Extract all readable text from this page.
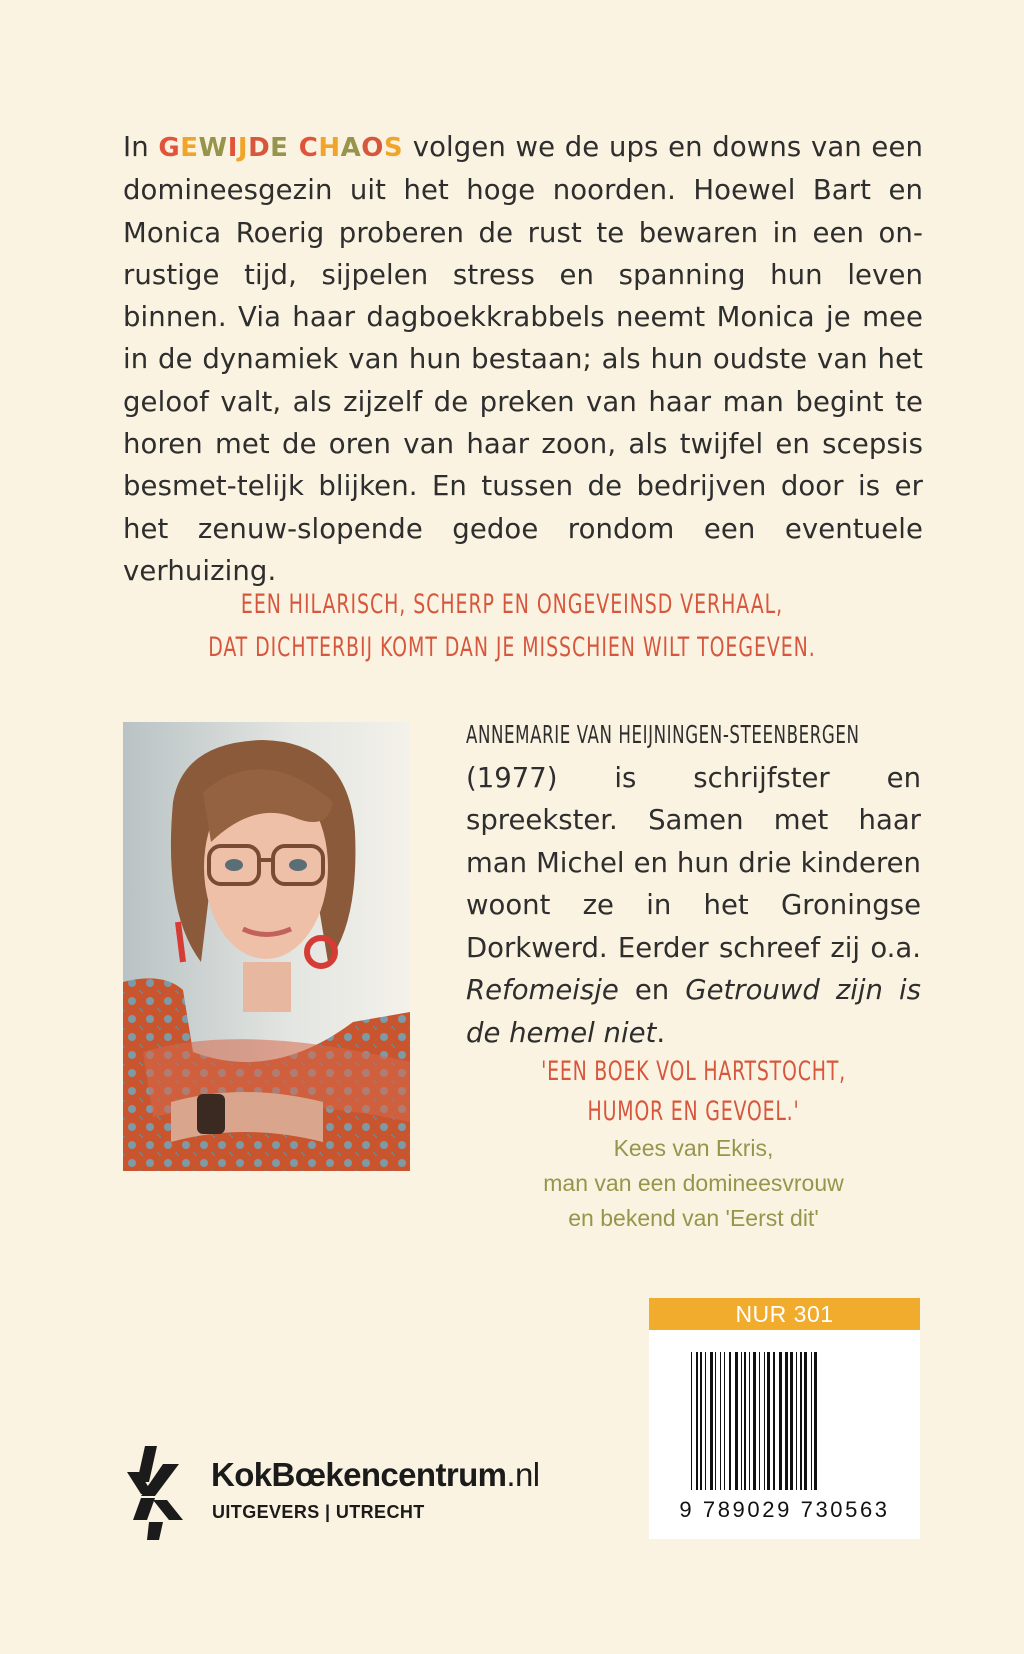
In GEWIJDE CHAOS volgen we de ups en downs van een domineesgezin uit het hoge noorden. Hoewel Bart en Monica Roerig proberen de rust te bewaren in een on-rustige tijd, sijpelen stress en spanning hun leven binnen. Via haar dagboekkrabbels neemt Monica je mee in de dynamiek van hun bestaan; als hun oudste van het geloof valt, als zijzelf de preken van haar man begint te horen met de oren van haar zoon, als twijfel en scepsis besmet-telijk blijken. En tussen de bedrijven door is er het zenuw-slopende gedoe rondom een eventuele verhuizing.
EEN HILARISCH, SCHERP EN ONGEVEINSD VERHAAL,
DAT DICHTERBIJ KOMT DAN JE MISSCHIEN WILT TOEGEVEN.
ANNEMARIE VAN HEIJNINGEN-STEENBERGEN
(1977) is schrijfster en spreekster. Samen met haar man Michel en hun drie kinderen woont ze in het Groningse Dorkwerd. Eerder schreef zij o.a. Refomeisje en Getrouwd zijn is de hemel niet.
'EEN BOEK VOL HARTSTOCHT,
HUMOR EN GEVOEL.'
Kees van Ekris,
man van een domineesvrouw
en bekend van 'Eerst dit'
NUR 301
9 789029 730563
KokBœkencentrum.nl
UITGEVERS | UTRECHT
